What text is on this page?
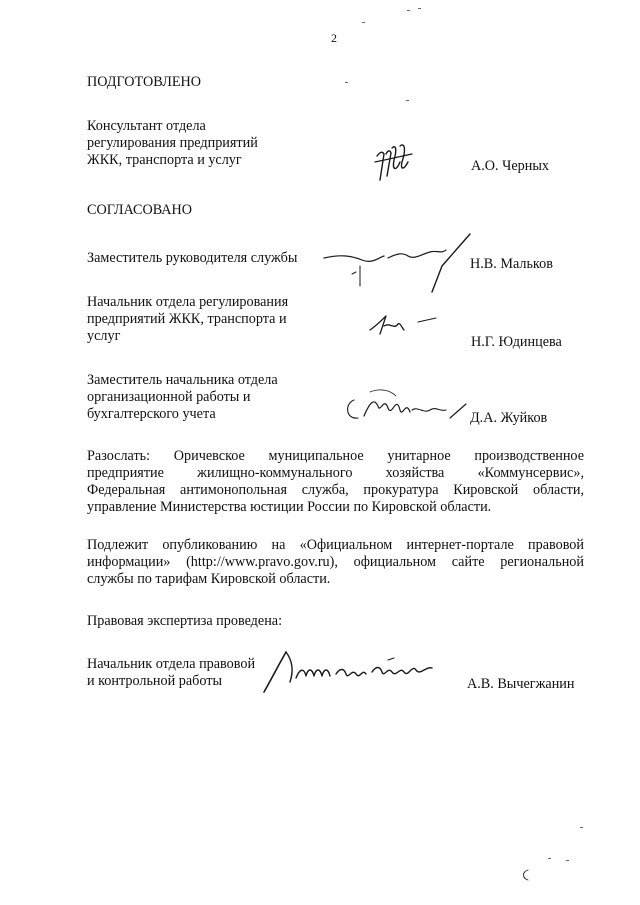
2
ПОДГОТОВЛЕНО
Консультант отдела
регулирования предприятий
ЖКК, транспорта и услуг	А.О. Черных
СОГЛАСОВАНО
Заместитель руководителя службы	Н.В. Мальков
Начальник отдела регулирования
предприятий ЖКК, транспорта и
услуг	Н.Г. Юдинцева
Заместитель начальника отдела
организационной работы и
бухгалтерского учета	Д.А. Жуйков
Разослать: Оричевское муниципальное унитарное производственное
предприятие жилищно-коммунального хозяйства «Коммунсервис»,
Федеральная антимонопольная служба, прокуратура Кировской области,
управление Министерства юстиции России по Кировской области.
Подлежит опубликованию на «Официальном интернет-портале правовой
информации» (http://www.pravo.gov.ru), официальном сайте региональной
службы по тарифам Кировской области.
Правовая экспертиза проведена:
Начальник отдела правовой
и контрольной работы	А.В. Вычегжанин
